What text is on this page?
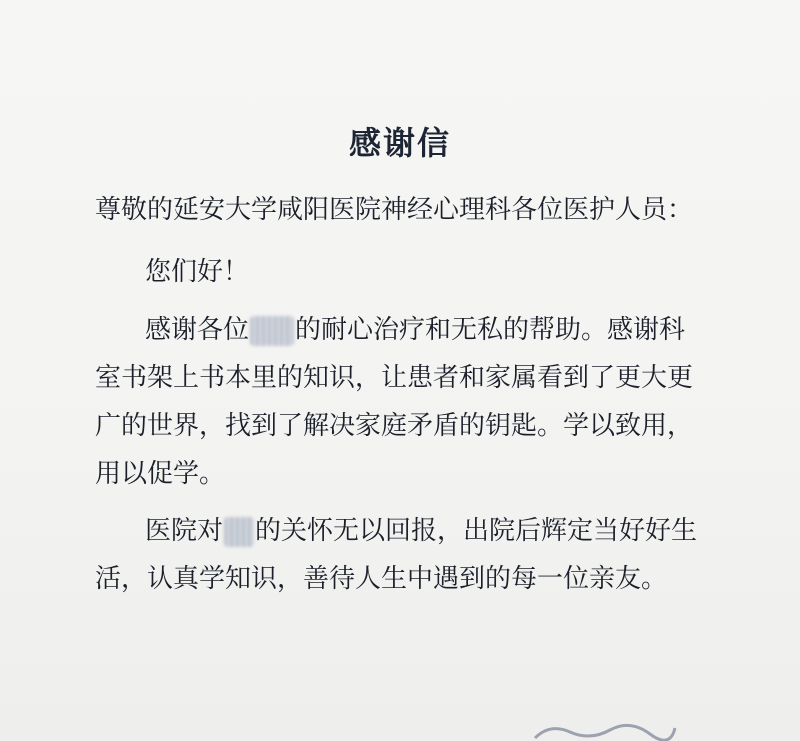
感谢信
尊敬的延安大学咸阳医院神经心理科各位医护人员：
您们好！
感谢各位 的耐心治疗和无私的帮助。感谢科
室书架上书本里的知识，让患者和家属看到了更大更
广的世界，找到了解决家庭矛盾的钥匙。学以致用，
用以促学。
医院对 的关怀无以回报，出院后辉定当好好生
活，认真学知识，善待人生中遇到的每一位亲友。
